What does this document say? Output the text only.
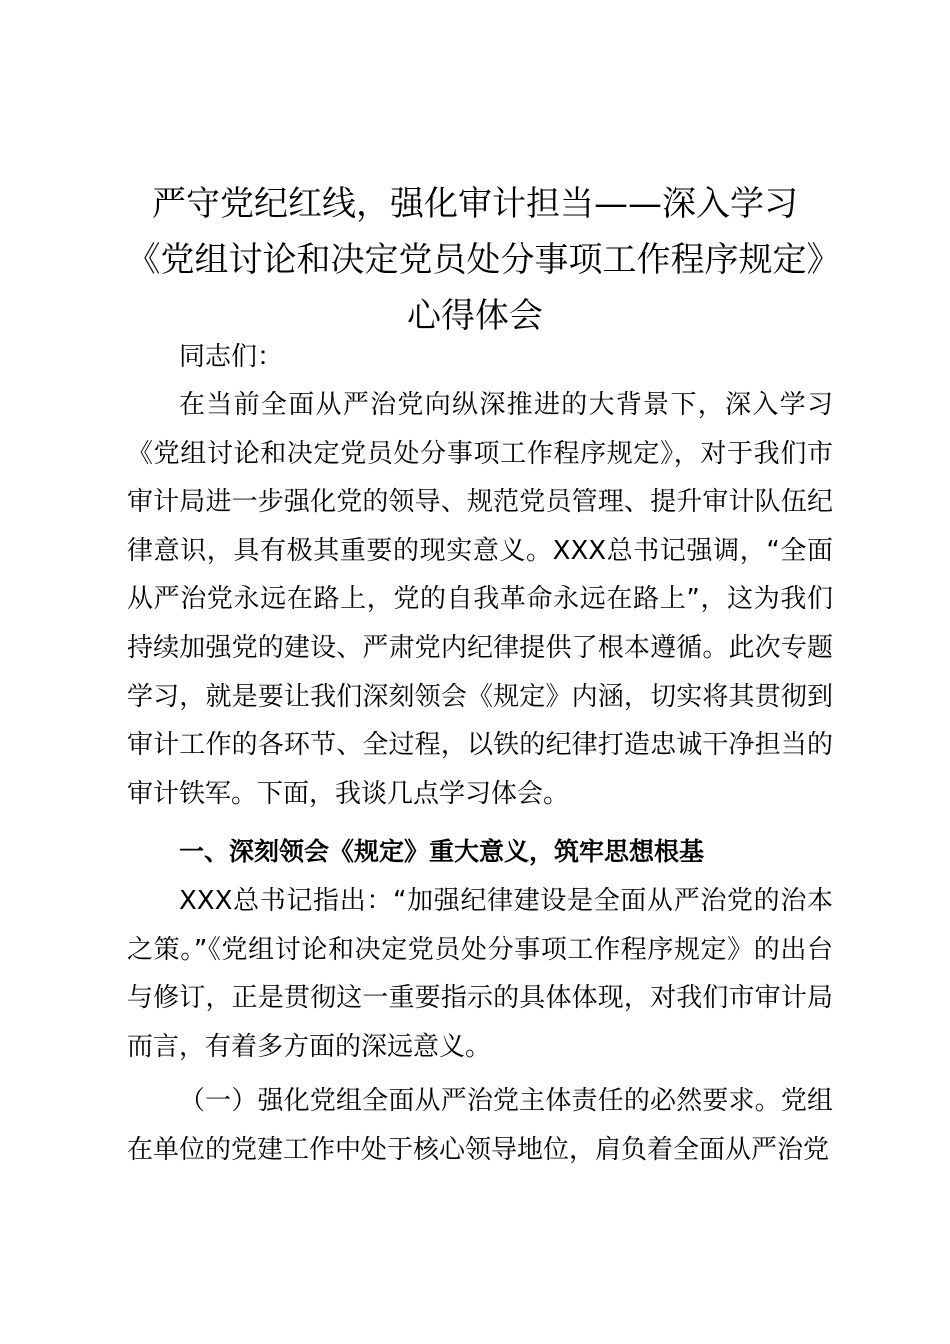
严守党纪红线，强化审计担当——深入学习《党组讨论和决定党员处分事项工作程序规定》心得体会

同志们：

在当前全面从严治党向纵深推进的大背景下，深入学习《党组讨论和决定党员处分事项工作程序规定》，对于我们市审计局进一步强化党的领导、规范党员管理、提升审计队伍纪律意识，具有极其重要的现实意义。XXX总书记强调，“全面从严治党永远在路上，党的自我革命永远在路上”，这为我们持续加强党的建设、严肃党内纪律提供了根本遵循。此次专题学习，就是要让我们深刻领会《规定》内涵，切实将其贯彻到审计工作的各环节、全过程，以铁的纪律打造忠诚干净担当的审计铁军。下面，我谈几点学习体会。

一、深刻领会《规定》重大意义，筑牢思想根基

XXX总书记指出：“加强纪律建设是全面从严治党的治本之策。”《党组讨论和决定党员处分事项工作程序规定》的出台与修订，正是贯彻这一重要指示的具体体现，对我们市审计局而言，有着多方面的深远意义。

（一）强化党组全面从严治党主体责任的必然要求。党组在单位的党建工作中处于核心领导地位，肩负着全面从严治党
